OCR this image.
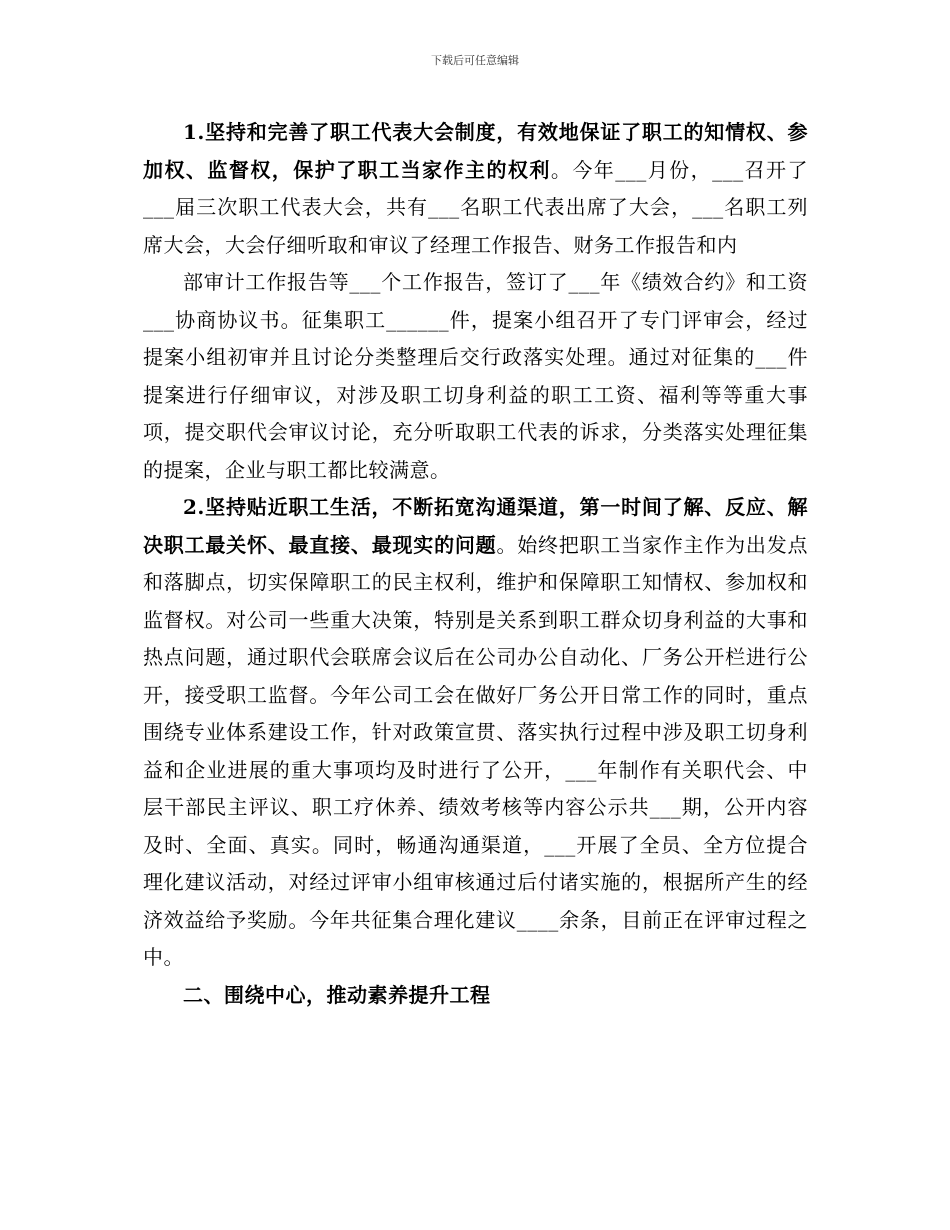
下载后可任意编辑

1.坚持和完善了职工代表大会制度，有效地保证了职工的知情权、参加权、监督权，保护了职工当家作主的权利。今年___月份，___召开了___届三次职工代表大会，共有___名职工代表出席了大会，___名职工列席大会，大会仔细听取和审议了经理工作报告、财务工作报告和内

部审计工作报告等___个工作报告，签订了___年《绩效合约》和工资___协商协议书。征集职工______件，提案小组召开了专门评审会，经过提案小组初审并且讨论分类整理后交行政落实处理。通过对征集的___件提案进行仔细审议，对涉及职工切身利益的职工工资、福利等等重大事项，提交职代会审议讨论，充分听取职工代表的诉求，分类落实处理征集的提案，企业与职工都比较满意。

2.坚持贴近职工生活，不断拓宽沟通渠道，第一时间了解、反应、解决职工最关怀、最直接、最现实的问题。始终把职工当家作主作为出发点和落脚点，切实保障职工的民主权利，维护和保障职工知情权、参加权和监督权。对公司一些重大决策，特别是关系到职工群众切身利益的大事和热点问题，通过职代会联席会议后在公司办公自动化、厂务公开栏进行公开，接受职工监督。今年公司工会在做好厂务公开日常工作的同时，重点围绕专业体系建设工作，针对政策宣贯、落实执行过程中涉及职工切身利益和企业进展的重大事项均及时进行了公开，___年制作有关职代会、中层干部民主评议、职工疗休养、绩效考核等内容公示共___期，公开内容及时、全面、真实。同时，畅通沟通渠道，___开展了全员、全方位提合理化建议活动，对经过评审小组审核通过后付诸实施的，根据所产生的经济效益给予奖励。今年共征集合理化建议____余条，目前正在评审过程之中。

二、围绕中心，推动素养提升工程
